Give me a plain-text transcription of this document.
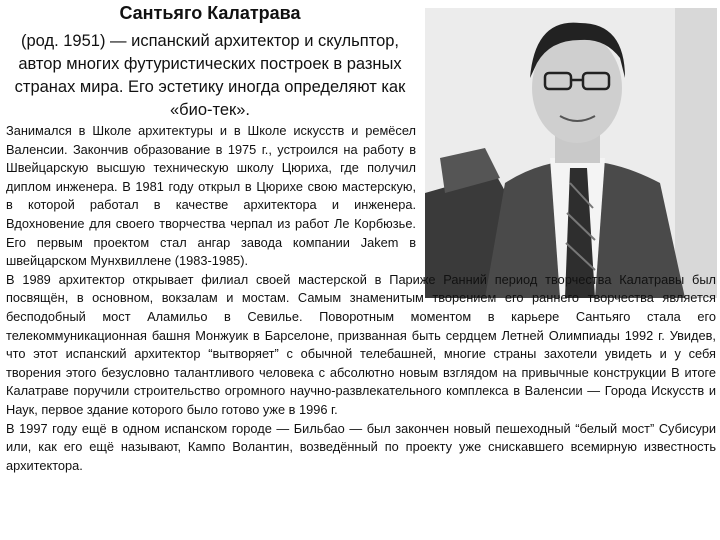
Сантьяго Калатрава

(род. 1951) — испанский архитектор и скульптор, автор многих футуристических построек в разных странах мира. Его эстетику иногда определяют как «био-тек».

Занимался в Школе архитектуры и в Школе искусств и ремёсел Валенсии. Закончив образование в 1975 г., устроился на работу в Швейцарскую высшую техническую школу Цюриха, где получил диплом инженера. В 1981 году открыл в Цюрихе свою мастерскую, в которой работал в качестве архитектора и инженера. Вдохновение для своего творчества черпал из работ Ле Корбюзье. Его первым проектом стал ангар завода компании Jakem в швейцарском Мунхвиллене (1983-1985).

В 1989 архитектор открывает филиал своей мастерской в Париже Ранний период творчества Калатравы был посвящён, в основном, вокзалам и мостам. Самым знаменитым творением его раннего творчества является бесподобный мост Аламильо в Севилье. Поворотным моментом в карьере Сантьяго стала его телекоммуникационная башня Монжуик в Барселоне, призванная быть сердцем Летней Олимпиады 1992 г. Увидев, что этот испанский архитектор “вытворяет” с обычной телебашней, многие страны захотели увидеть и у себя творения этого безусловно талантливого человека с абсолютно новым взглядом на привычные конструкции В итоге Калатраве поручили строительство огромного научно-развлекательного комплекса в Валенсии — Города Искусств и Наук, первое здание которого было готово уже в 1996 г.

В 1997 году ещё в одном испанском городе — Бильбао — был закончен новый пешеходный “белый мост” Субисури или, как его ещё называют, Кампо Волантин, возведённый по проекту уже снискавшего всемирную известность архитектора.
